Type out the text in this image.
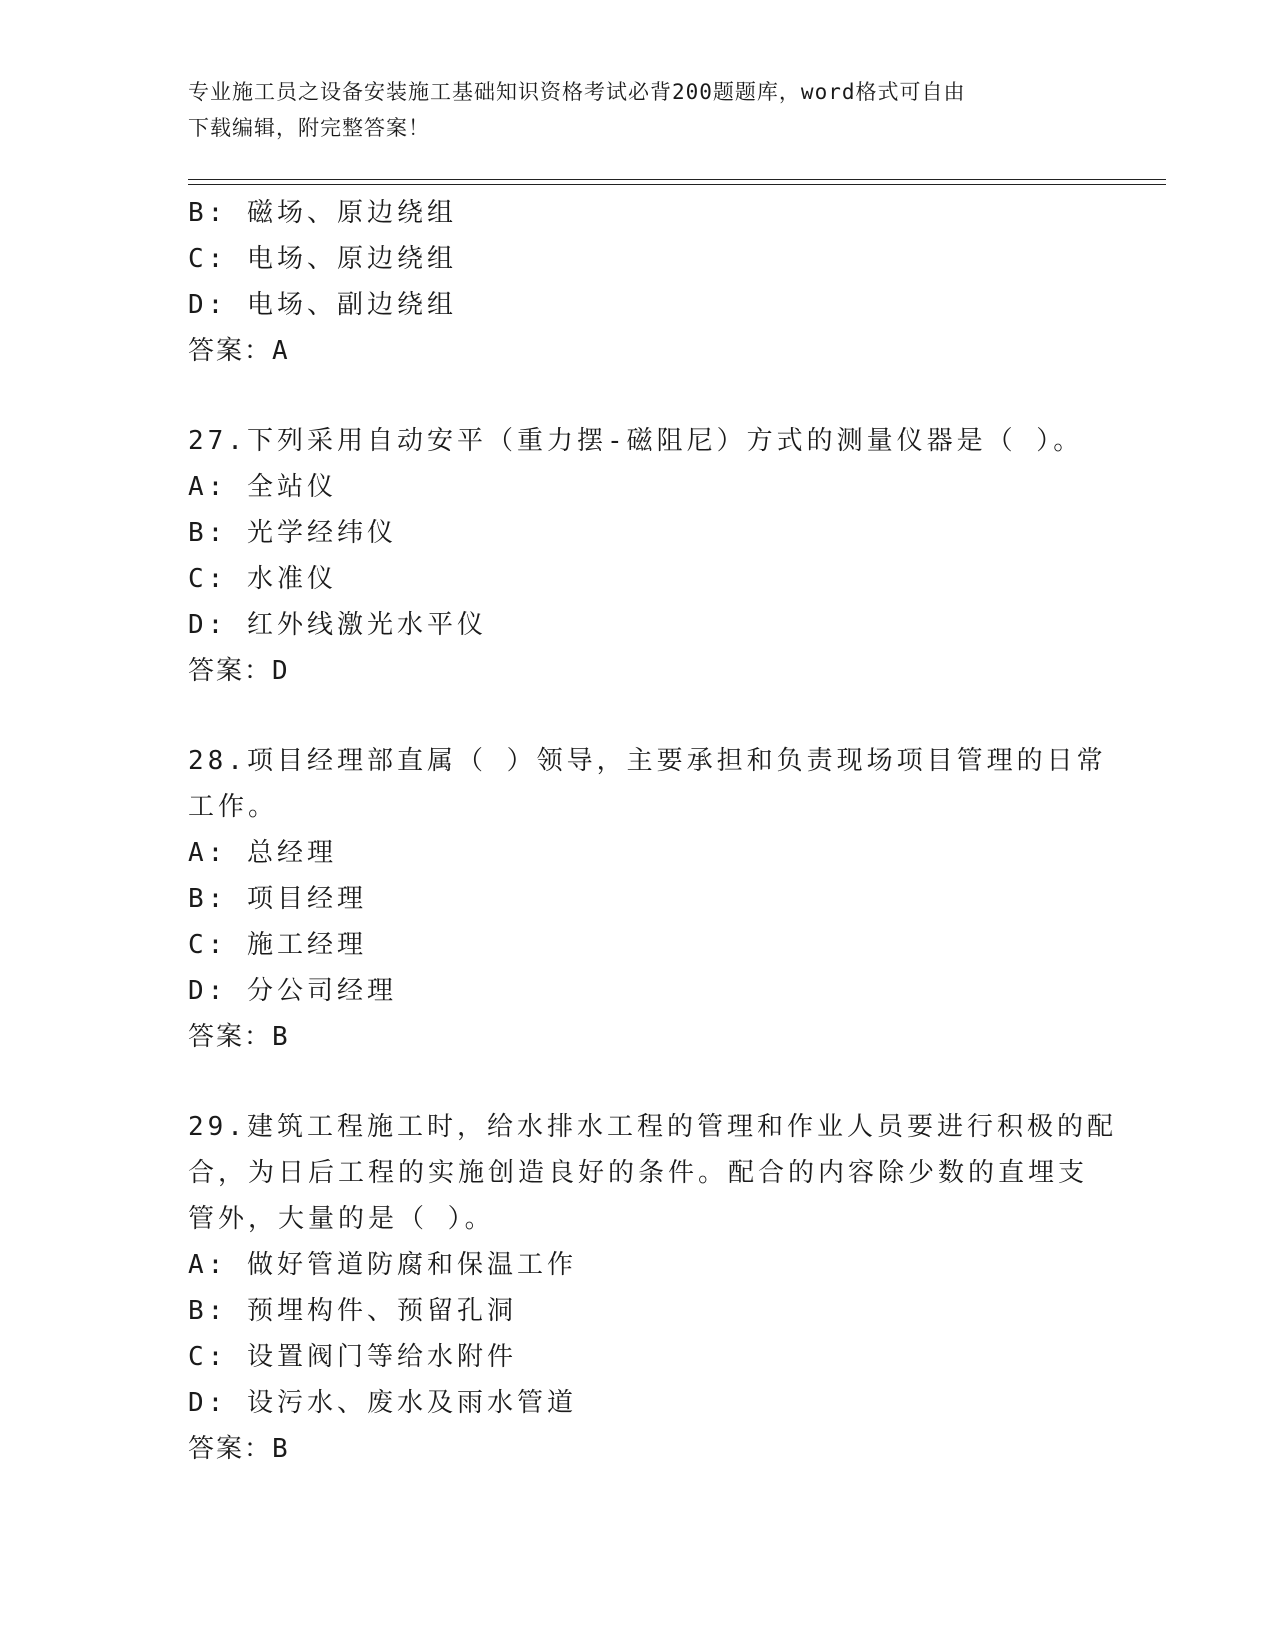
专业施工员之设备安装施工基础知识资格考试必背200题题库，word格式可自由
下载编辑，附完整答案！
B: 磁场、原边绕组
C: 电场、原边绕组
D: 电场、副边绕组
答案：A
27.下列采用自动安平（重力摆-磁阻尼）方式的测量仪器是（ ）。
A: 全站仪
B: 光学经纬仪
C: 水准仪
D: 红外线激光水平仪
答案：D
28.项目经理部直属（ ）领导，主要承担和负责现场项目管理的日常
工作。
A: 总经理
B: 项目经理
C: 施工经理
D: 分公司经理
答案：B
29.建筑工程施工时，给水排水工程的管理和作业人员要进行积极的配
合，为日后工程的实施创造良好的条件。配合的内容除少数的直埋支
管外，大量的是（ ）。
A: 做好管道防腐和保温工作
B: 预埋构件、预留孔洞
C: 设置阀门等给水附件
D: 设污水、废水及雨水管道
答案：B
